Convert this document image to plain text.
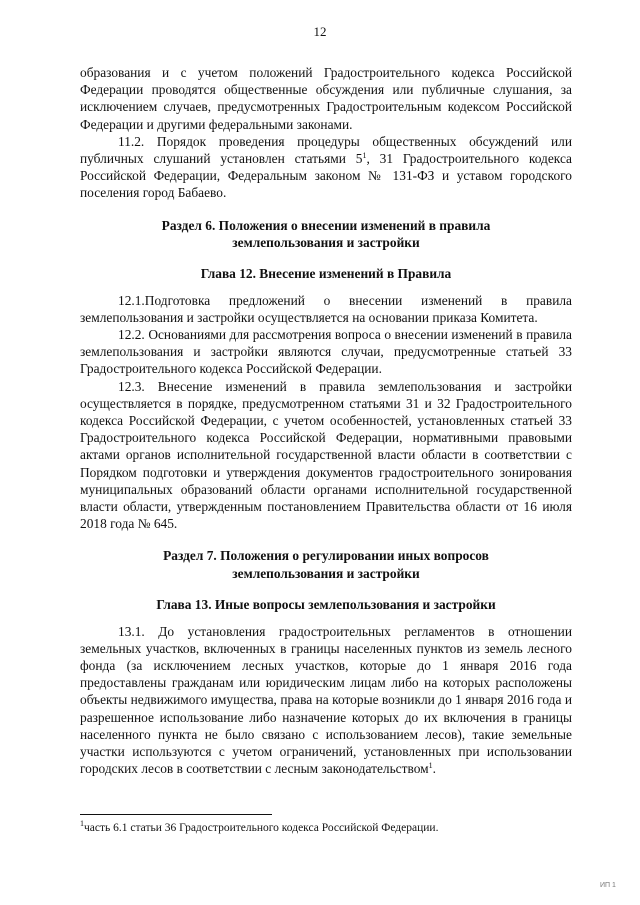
12

образования и с учетом положений Градостроительного кодекса Российской Федерации проводятся общественные обсуждения или публичные слушания, за исключением случаев, предусмотренных Градостроительным кодексом Российской Федерации и другими федеральными законами.

11.2. Порядок проведения процедуры общественных обсуждений или публичных слушаний установлен статьями $5^1$, 31 Градостроительного кодекса Российской Федерации, Федеральным законом № 131-ФЗ и уставом городского поселения город Бабаево.

Раздел 6. Положения о внесении изменений в правила
землепользования и застройки
Глава 12. Внесение изменений в Правила

12.1.Подготовка предложений о внесении изменений в правила землепользования и застройки осуществляется на основании приказа Комитета.

12.2. Основаниями для рассмотрения вопроса о внесении изменений в правила землепользования и застройки являются случаи, предусмотренные статьей 33 Градостроительного кодекса Российской Федерации.

12.3. Внесение изменений в правила землепользования и застройки осуществляется в порядке, предусмотренном статьями 31 и 32 Градостроительного кодекса Российской Федерации, с учетом особенностей, установленных статьей 33 Градостроительного кодекса Российской Федерации, нормативными правовыми актами органов исполнительной государственной власти области в соответствии с Порядком подготовки и утверждения документов градостроительного зонирования муниципальных образований области органами исполнительной государственной власти области, утвержденным постановлением Правительства области от 16 июля 2018 года № 645.

Раздел 7. Положения о регулировании иных вопросов
землепользования и застройки
Глава 13. Иные вопросы землепользования и застройки

13.1. До установления градостроительных регламентов в отношении земельных участков, включенных в границы населенных пунктов из земель лесного фонда (за исключением лесных участков, которые до 1 января 2016 года предоставлены гражданам или юридическим лицам либо на которых расположены объекты недвижимого имущества, права на которые возникли до 1 января 2016 года и разрешенное использование либо назначение которых до их включения в границы населенного пункта не было связано с использованием лесов), такие земельные участки используются с учетом ограничений, установленных при использовании городских лесов в соответствии с лесным законодательством$^1$.

$^1$часть 6.1 статьи 36 Градостроительного кодекса Российской Федерации.
ИП 1
